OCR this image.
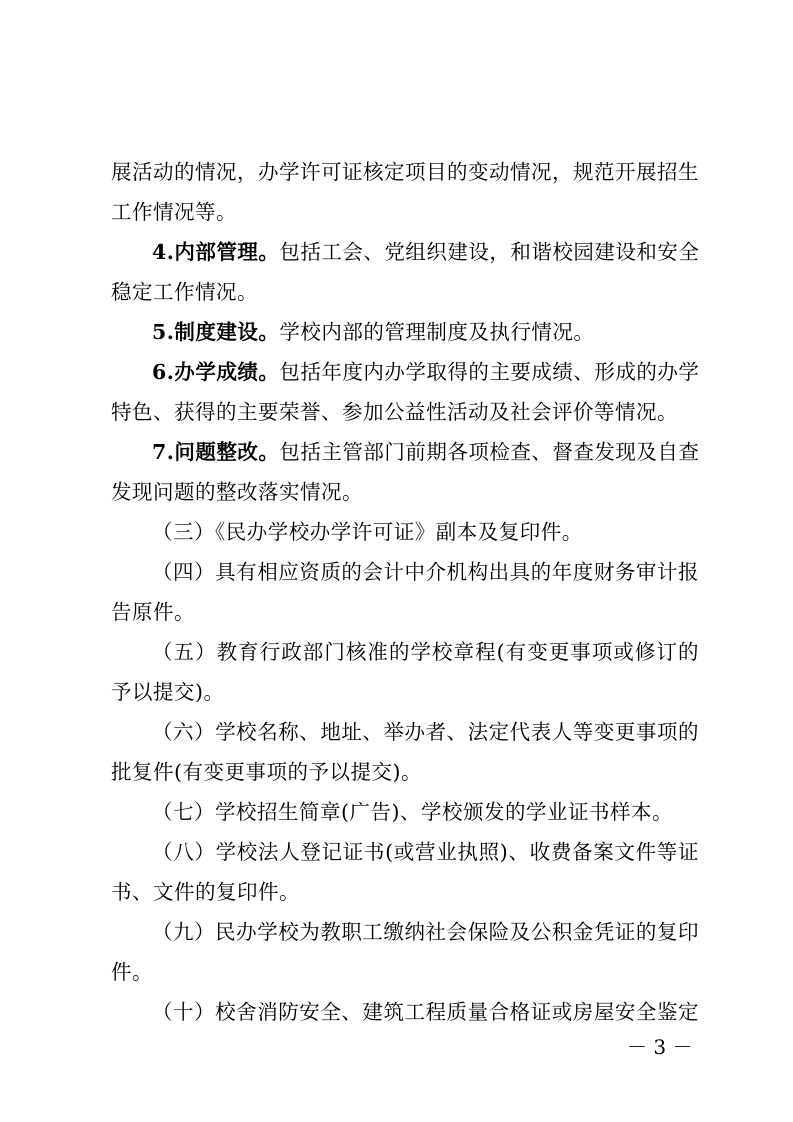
展活动的情况，办学许可证核定项目的变动情况，规范开展招生
工作情况等。
4.内部管理。包括工会、党组织建设，和谐校园建设和安全
稳定工作情况。
5.制度建设。学校内部的管理制度及执行情况。
6.办学成绩。包括年度内办学取得的主要成绩、形成的办学
特色、获得的主要荣誉、参加公益性活动及社会评价等情况。
7.问题整改。包括主管部门前期各项检查、督查发现及自查
发现问题的整改落实情况。
（三）《民办学校办学许可证》副本及复印件。
（四）具有相应资质的会计中介机构出具的年度财务审计报
告原件。
（五）教育行政部门核准的学校章程(有变更事项或修订的
予以提交)。
（六）学校名称、地址、举办者、法定代表人等变更事项的
批复件(有变更事项的予以提交)。
（七）学校招生简章(广告)、学校颁发的学业证书样本。
（八）学校法人登记证书(或营业执照)、收费备案文件等证
书、文件的复印件。
（九）民办学校为教职工缴纳社会保险及公积金凭证的复印
件。
（十）校舍消防安全、建筑工程质量合格证或房屋安全鉴定
－ 3 －
